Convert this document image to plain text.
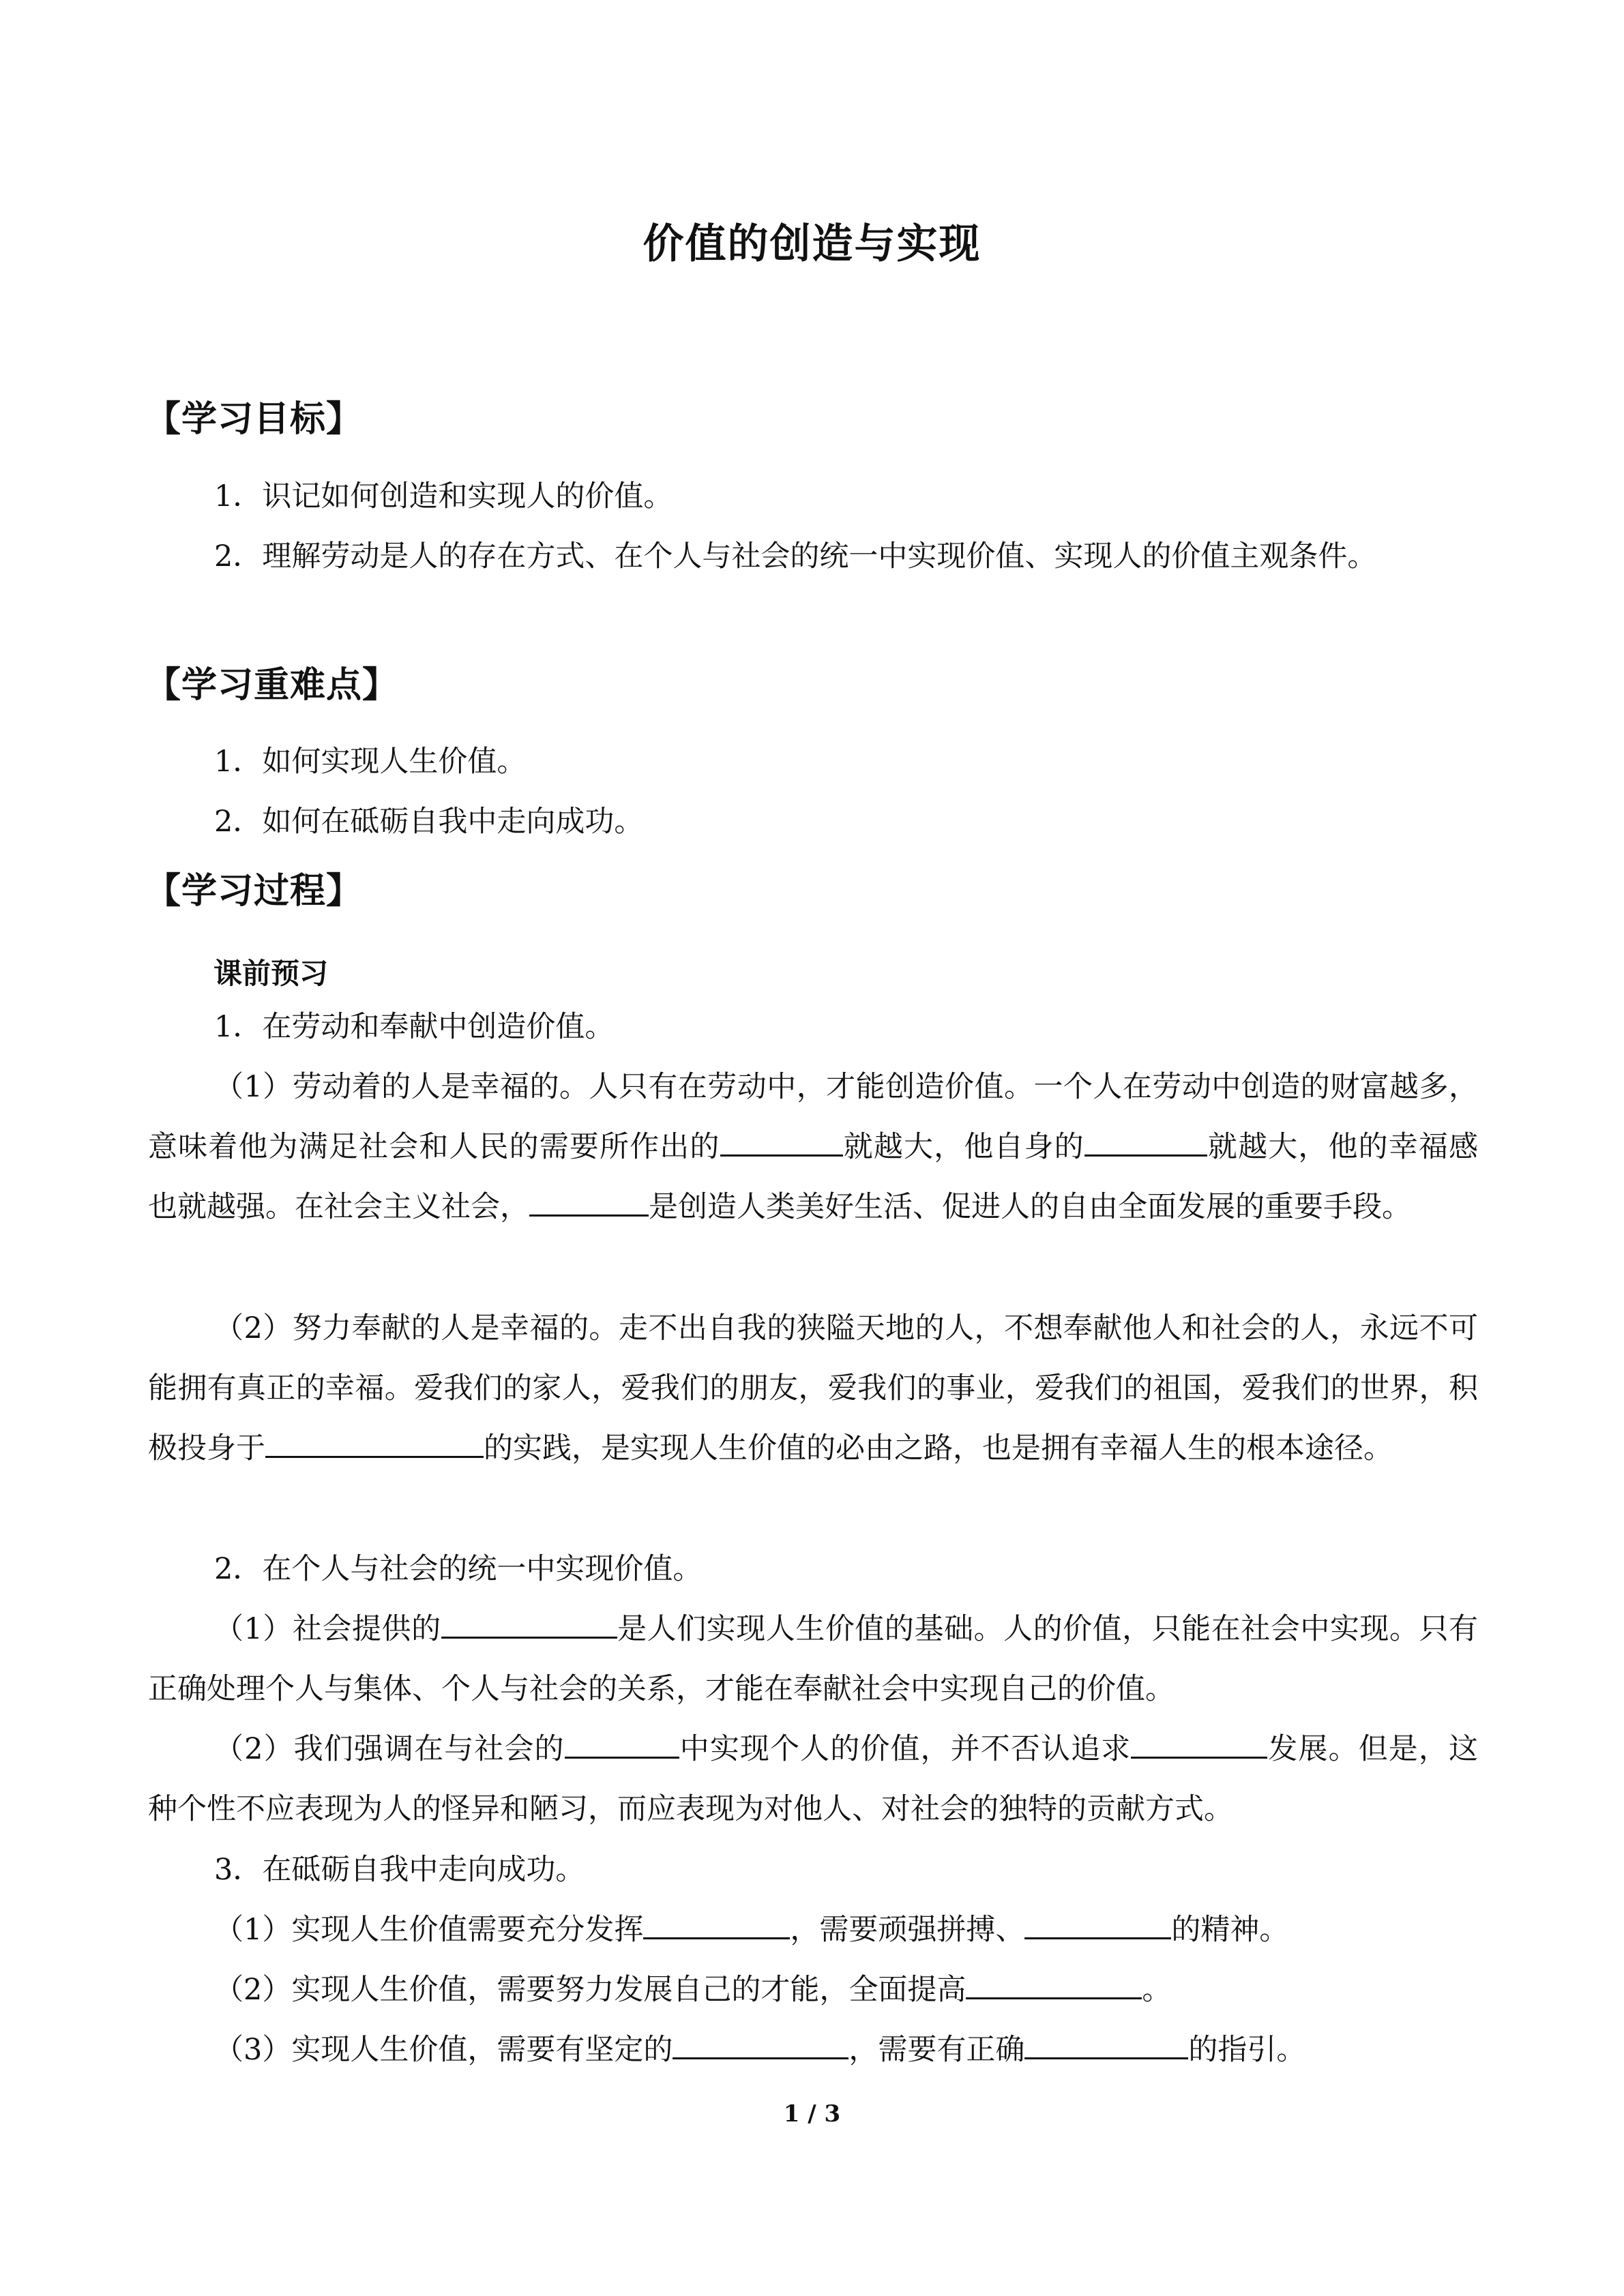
价值的创造与实现
【学习目标】
1．识记如何创造和实现人的价值。
2．理解劳动是人的存在方式、在个人与社会的统一中实现价值、实现人的价值主观条件。
【学习重难点】
1．如何实现人生价值。
2．如何在砥砺自我中走向成功。
【学习过程】
课前预习
1．在劳动和奉献中创造价值。
（1）劳动着的人是幸福的。人只有在劳动中，才能创造价值。一个人在劳动中创造的财富越多，意味着他为满足社会和人民的需要所作出的	就越大，他自身的	就越大，他的幸福感也就越强。在社会主义社会，	是创造人类美好生活、促进人的自由全面发展的重要手段。
（2）努力奉献的人是幸福的。走不出自我的狭隘天地的人，不想奉献他人和社会的人，永远不可能拥有真正的幸福。爱我们的家人，爱我们的朋友，爱我们的事业，爱我们的祖国，爱我们的世界，积极投身于	的实践，是实现人生价值的必由之路，也是拥有幸福人生的根本途径。
2．在个人与社会的统一中实现价值。
（1）社会提供的	是人们实现人生价值的基础。人的价值，只能在社会中实现。只有正确处理个人与集体、个人与社会的关系，才能在奉献社会中实现自己的价值。
（2）我们强调在与社会的	中实现个人的价值，并不否认追求	发展。但是，这种个性不应表现为人的怪异和陋习，而应表现为对他人、对社会的独特的贡献方式。
3．在砥砺自我中走向成功。
（1）实现人生价值需要充分发挥	，需要顽强拼搏、	的精神。
（2）实现人生价值，需要努力发展自己的才能，全面提高	。
（3）实现人生价值，需要有坚定的	，需要有正确	的指引。
1 / 3
